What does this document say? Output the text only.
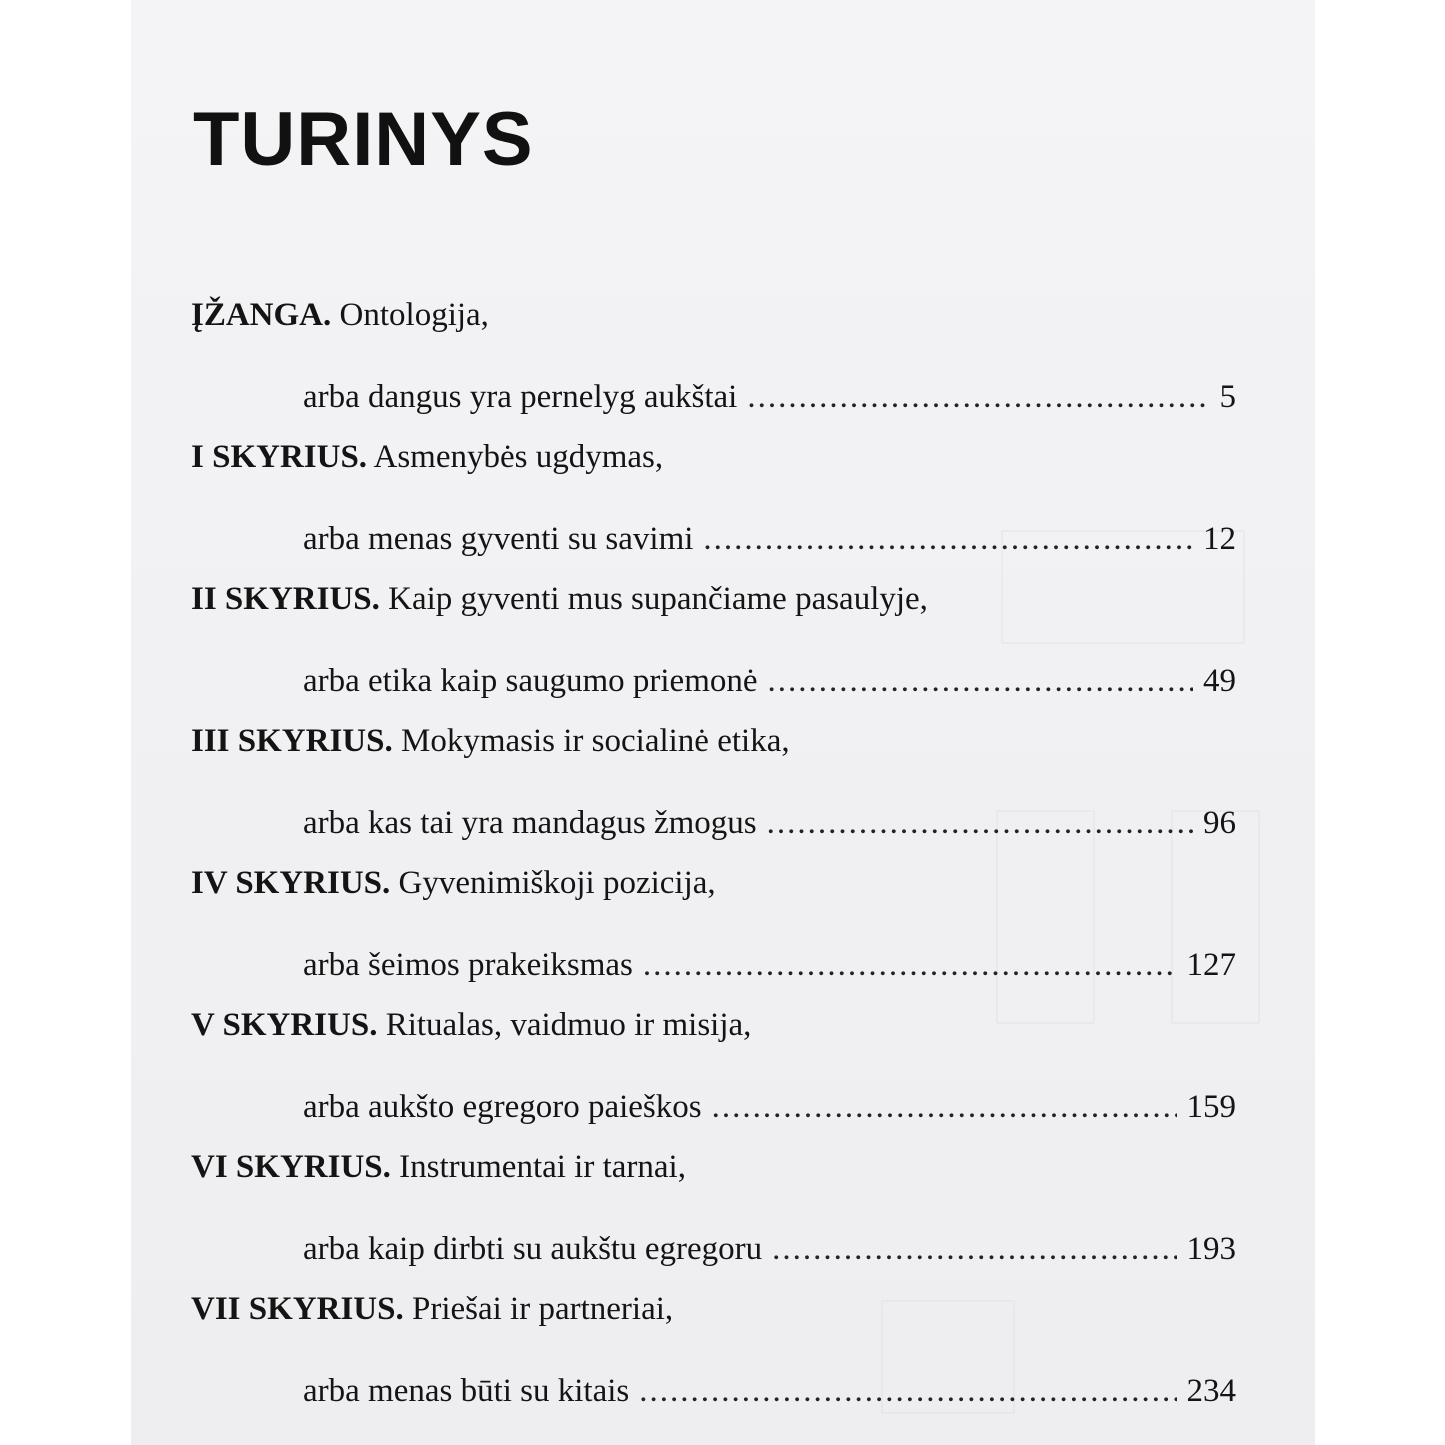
TURINYS
ĮŽANGA. Ontologija,
arba dangus yra pernelyg aukštai .....	5
I SKYRIUS. Asmenybės ugdymas,
arba menas gyventi su savimi .....	12
II SKYRIUS. Kaip gyventi mus supančiame pasaulyje,
arba etika kaip saugumo priemonė .....	49
III SKYRIUS. Mokymasis ir socialinė etika,
arba kas tai yra mandagus žmogus .....	96
IV SKYRIUS. Gyvenimiškoji pozicija,
arba šeimos prakeiksmas .....	127
V SKYRIUS. Ritualas, vaidmuo ir misija,
arba aukšto egregoro paieškos .....	159
VI SKYRIUS. Instrumentai ir tarnai,
arba kaip dirbti su aukštu egregoru .....	193
VII SKYRIUS. Priešai ir partneriai,
arba menas būti su kitais .....	234
